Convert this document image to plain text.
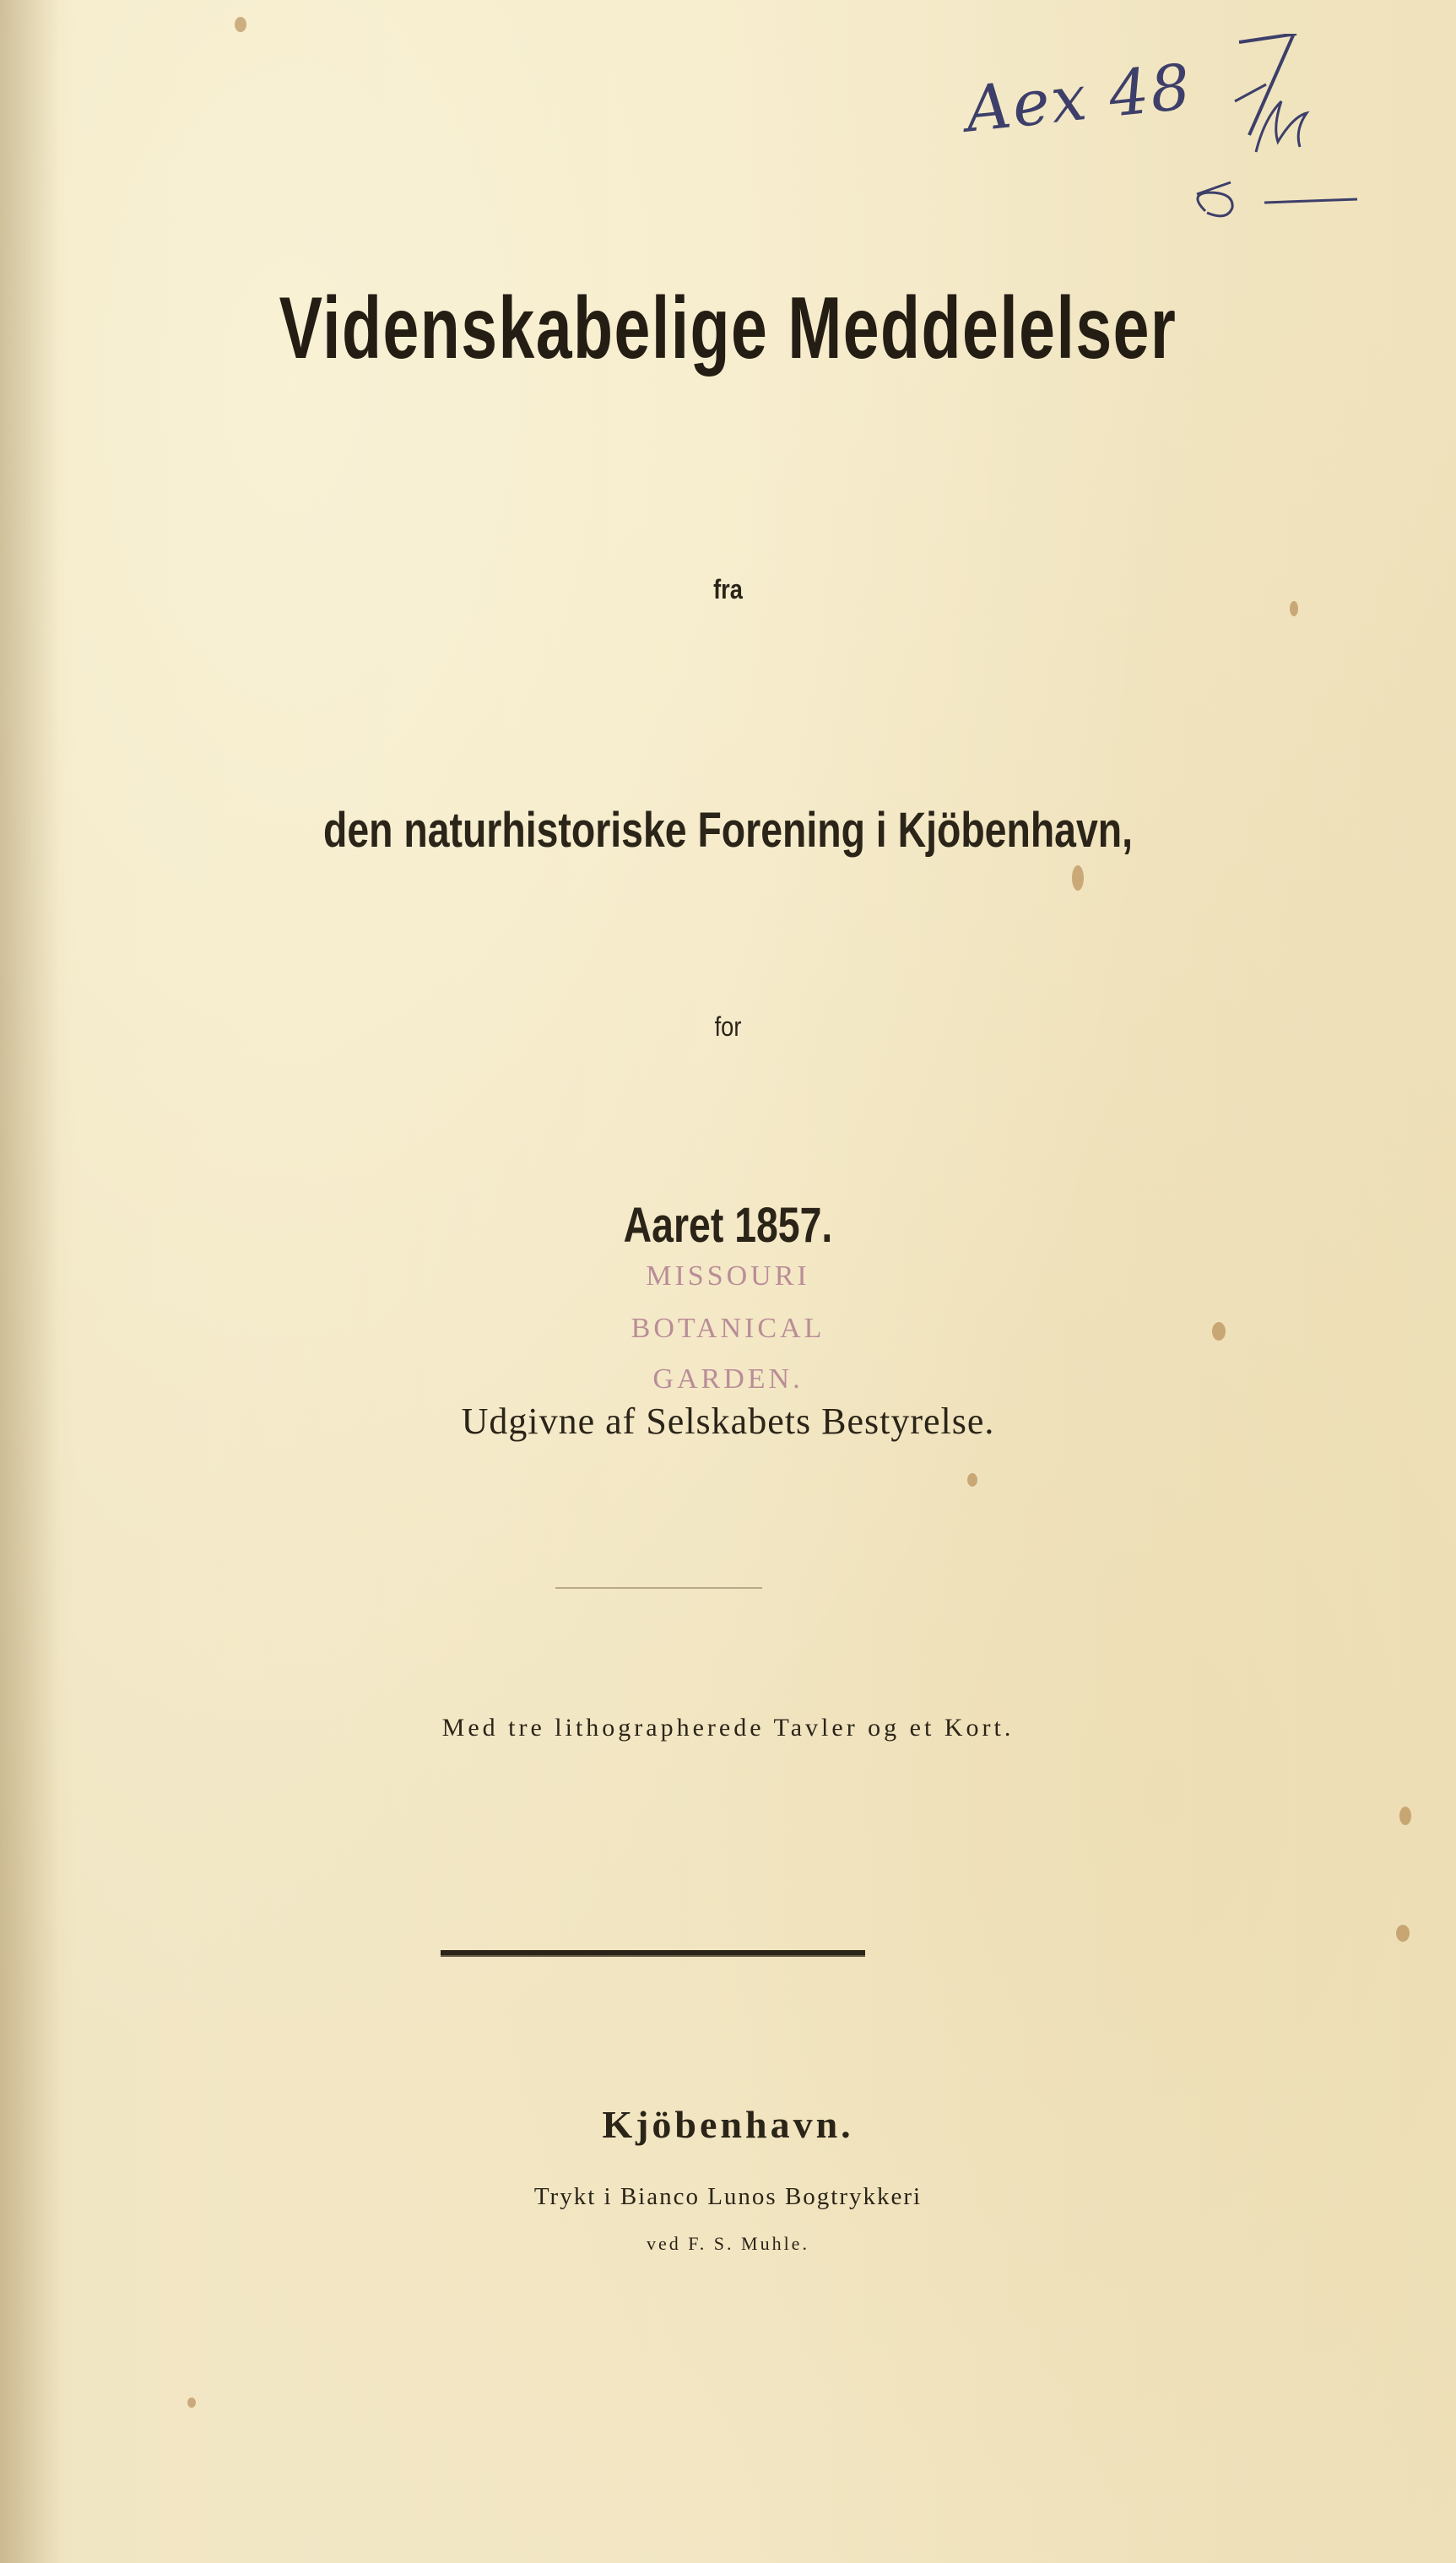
Aex 48
Videnskabelige Meddelelser
fra
den naturhistoriske Forening i Kjöbenhavn,
for
Aaret 1857.
MISSOURI
BOTANICAL
GARDEN.
Udgivne af Selskabets Bestyrelse.
Med tre lithographerede Tavler og et Kort.
Kjöbenhavn.
Trykt i Bianco Lunos Bogtrykkeri
ved F. S. Muhle.
